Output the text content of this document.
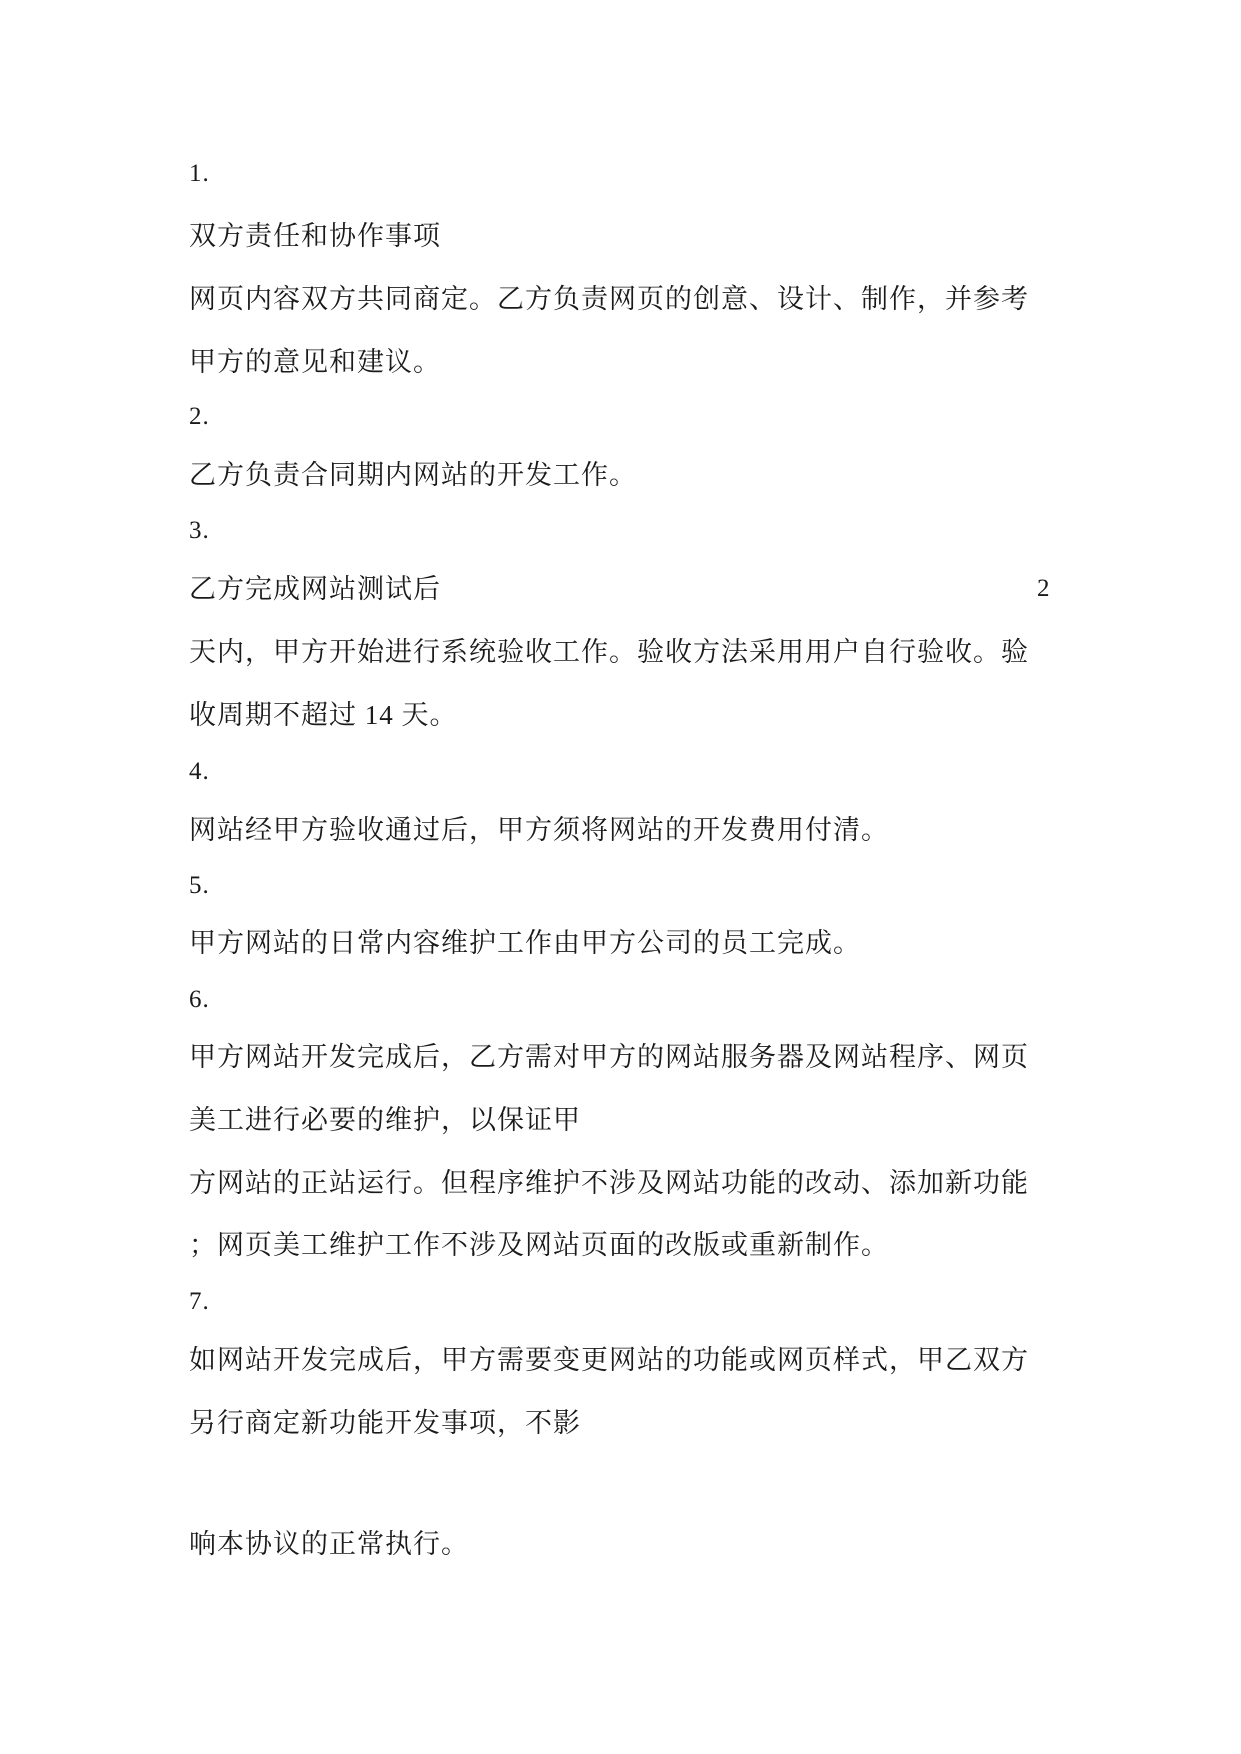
1.
双方责任和协作事项
网页内容双方共同商定。乙方负责网页的创意、设计、制作，并参考
甲方的意见和建议。
2.
乙方负责合同期内网站的开发工作。
3.
乙方完成网站测试后	2
天内，甲方开始进行系统验收工作。验收方法采用用户自行验收。验
收周期不超过 14 天。
4.
网站经甲方验收通过后，甲方须将网站的开发费用付清。
5.
甲方网站的日常内容维护工作由甲方公司的员工完成。
6.
甲方网站开发完成后，乙方需对甲方的网站服务器及网站程序、网页
美工进行必要的维护，以保证甲
方网站的正站运行。但程序维护不涉及网站功能的改动、添加新功能
；网页美工维护工作不涉及网站页面的改版或重新制作。
7.
如网站开发完成后，甲方需要变更网站的功能或网页样式，甲乙双方
另行商定新功能开发事项，不影
响本协议的正常执行。
